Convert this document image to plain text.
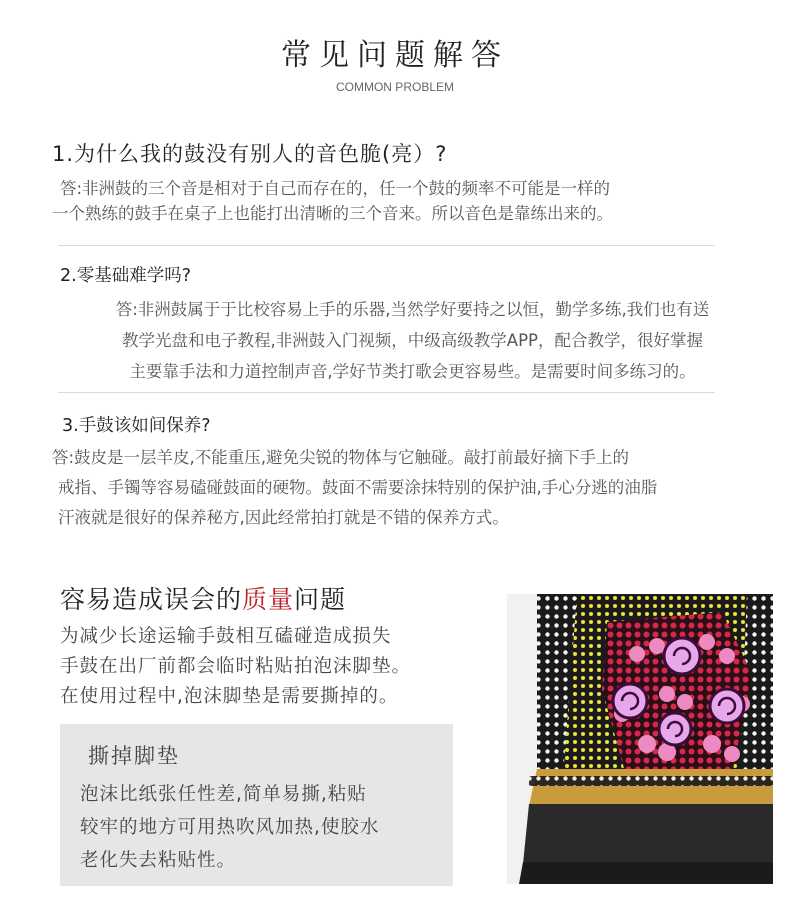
常见问题解答
COMMON PROBLEM
1.为什么我的鼓没有别人的音色脆(亮）?
答:非洲鼓的三个音是相对于自己而存在的，任一个鼓的频率不可能是一样的
一个熟练的鼓手在桌子上也能打出清晰的三个音来。所以音色是靠练出来的。
2.零基础难学吗?
答:非洲鼓属于于比校容易上手的乐器,当然学好要持之以恒，勤学多练,我们也有送
教学光盘和电子教程,非洲鼓入门视频，中级高级教学APP，配合教学，很好掌握
主要靠手法和力道控制声音,学好节类打歌会更容易些。是需要时间多练习的。
3.手鼓该如间保养?
答:鼓皮是一层羊皮,不能重压,避免尖锐的物体与它触碰。敲打前最好摘下手上的
戒指、手镯等容易磕碰鼓面的硬物。鼓面不需要涂抹特别的保护油,手心分逃的油脂
汗液就是很好的保养秘方,因此经常拍打就是不错的保养方式。
容易造成误会的质量问题
为减少长途运输手鼓相互磕碰造成损失
手鼓在出厂前都会临时粘贴拍泡沫脚垫。
在使用过程中,泡沫脚垫是需要撕掉的。
撕掉脚垫
泡沫比纸张任性差,简单易撕,粘贴
较牢的地方可用热吹风加热,使胶水
老化失去粘贴性。
